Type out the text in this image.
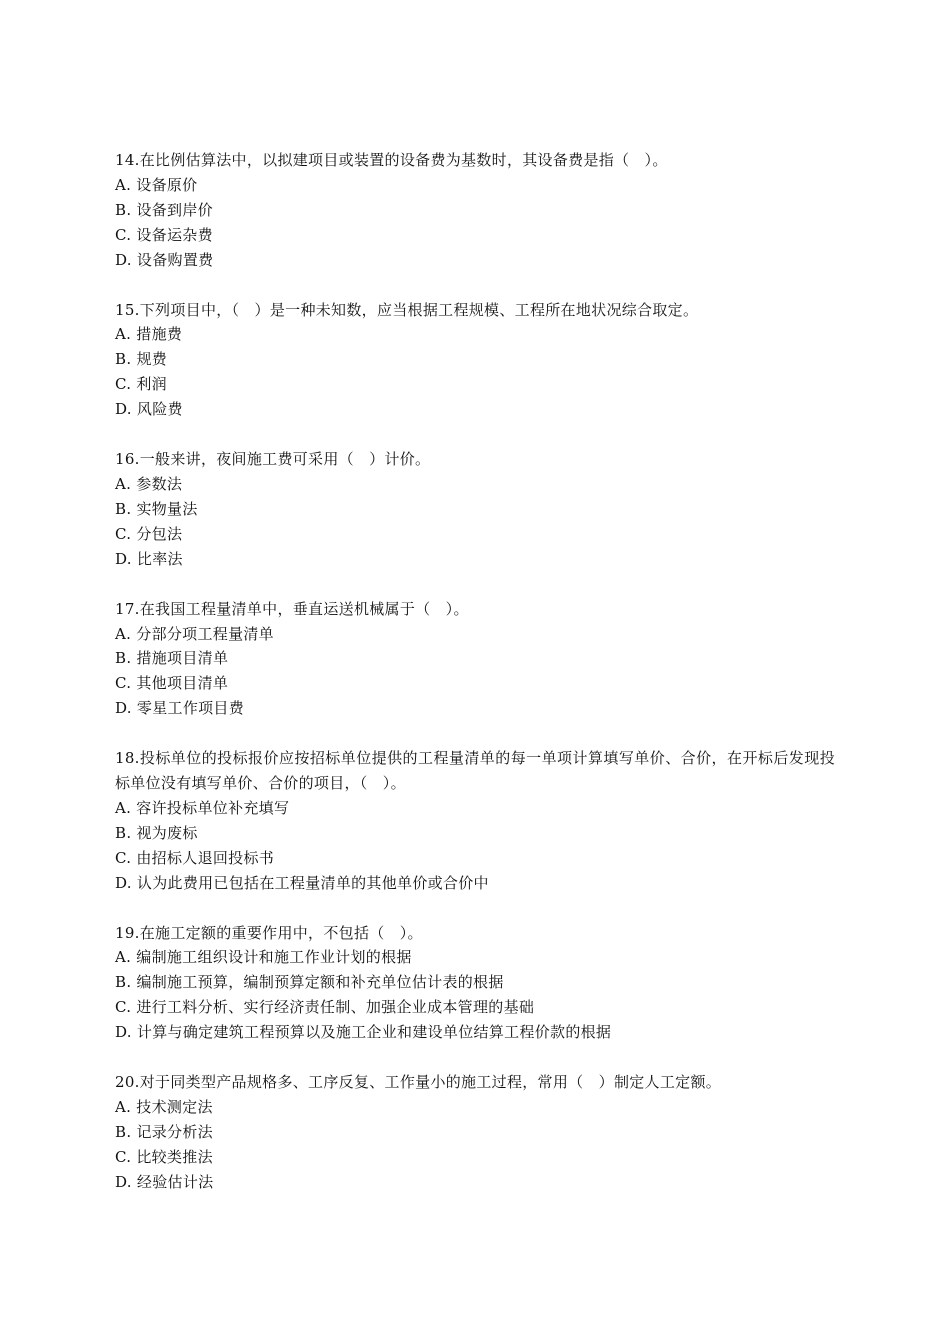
14.在比例估算法中，以拟建项目或装置的设备费为基数时，其设备费是指（   ）。
A. 设备原价
B. 设备到岸价
C. 设备运杂费
D. 设备购置费
15.下列项目中，（   ）是一种未知数，应当根据工程规模、工程所在地状况综合取定。
A. 措施费
B. 规费
C. 利润
D. 风险费
16.一般来讲，夜间施工费可采用（   ）计价。
A. 参数法
B. 实物量法
C. 分包法
D. 比率法
17.在我国工程量清单中，垂直运送机械属于（   ）。
A. 分部分项工程量清单
B. 措施项目清单
C. 其他项目清单
D. 零星工作项目费
18.投标单位的投标报价应按招标单位提供的工程量清单的每一单项计算填写单价、合价，在开标后发现投标单位没有填写单价、合价的项目，（   ）。
A. 容许投标单位补充填写
B. 视为废标
C. 由招标人退回投标书
D. 认为此费用已包括在工程量清单的其他单价或合价中
19.在施工定额的重要作用中，不包括（   ）。
A. 编制施工组织设计和施工作业计划的根据
B. 编制施工预算，编制预算定额和补充单位估计表的根据
C. 进行工料分析、实行经济责任制、加强企业成本管理的基础
D. 计算与确定建筑工程预算以及施工企业和建设单位结算工程价款的根据
20.对于同类型产品规格多、工序反复、工作量小的施工过程，常用（   ）制定人工定额。
A. 技术测定法
B. 记录分析法
C. 比较类推法
D. 经验估计法
